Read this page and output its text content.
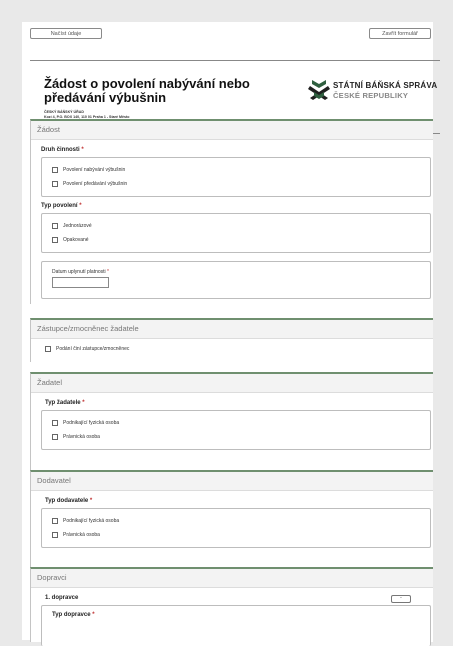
Načíst údaje	Zavřít formulář
Žádost o povolení nabývání nebo předávání výbušnin
ČESKÝ BÁŇSKÝ ÚŘAD
Kozí 4, P.O. BOX 140, 110 01 Praha 1 - Staré Město
STÁTNÍ BÁŇSKÁ SPRÁVA
ČESKÉ REPUBLIKY
Žádost
Druh činnosti *
Povolení nabývání výbušnin
Povolení předávání výbušnin
Typ povolení *
Jednorázové
Opakované
Datum uplynutí platnosti *
Zástupce/zmocněnec žadatele
Podání činí zástupce/zmocněnec
Žadatel
Typ žadatele *
Podnikající fyzická osoba
Právnická osoba
Dodavatel
Typ dodavatele *
Podnikající fyzická osoba
Právnická osoba
Dopravci
1. dopravce	-
Typ dopravce *
